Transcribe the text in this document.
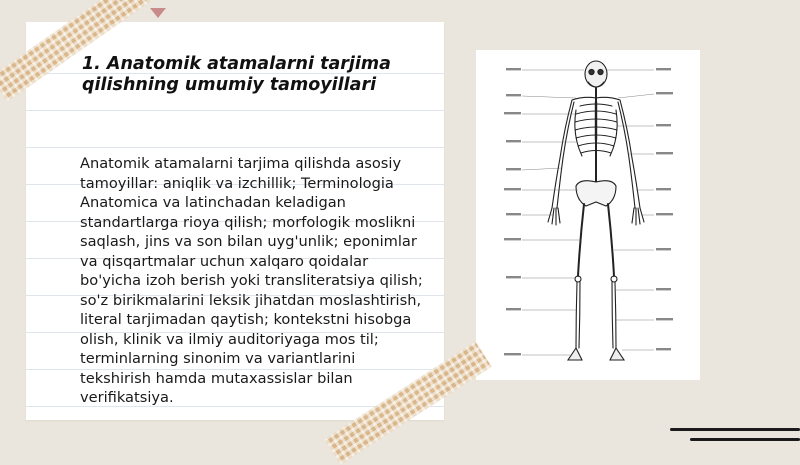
1. Anatomik atamalarni tarjima qilishning umumiy tamoyillari

Anatomik atamalarni tarjima qilishda asosiy tamoyillar: aniqlik va izchillik; Terminologia Anatomica va latinchadan keladigan standartlarga rioya qilish; morfologik moslikni saqlash, jins va son bilan uyg'unlik; eponimlar va qisqartmalar uchun xalqaro qoidalar bo'yicha izoh berish yoki transliteratsiya qilish; so'z birikmalarini leksik jihatdan moslashtirish, literal tarjimadan qaytish; kontekstni hisobga olish, klinik va ilmiy auditoriyaga mos til; terminlarning sinonim va variantlarini tekshirish hamda mutaxassislar bilan verifikatsiya.
